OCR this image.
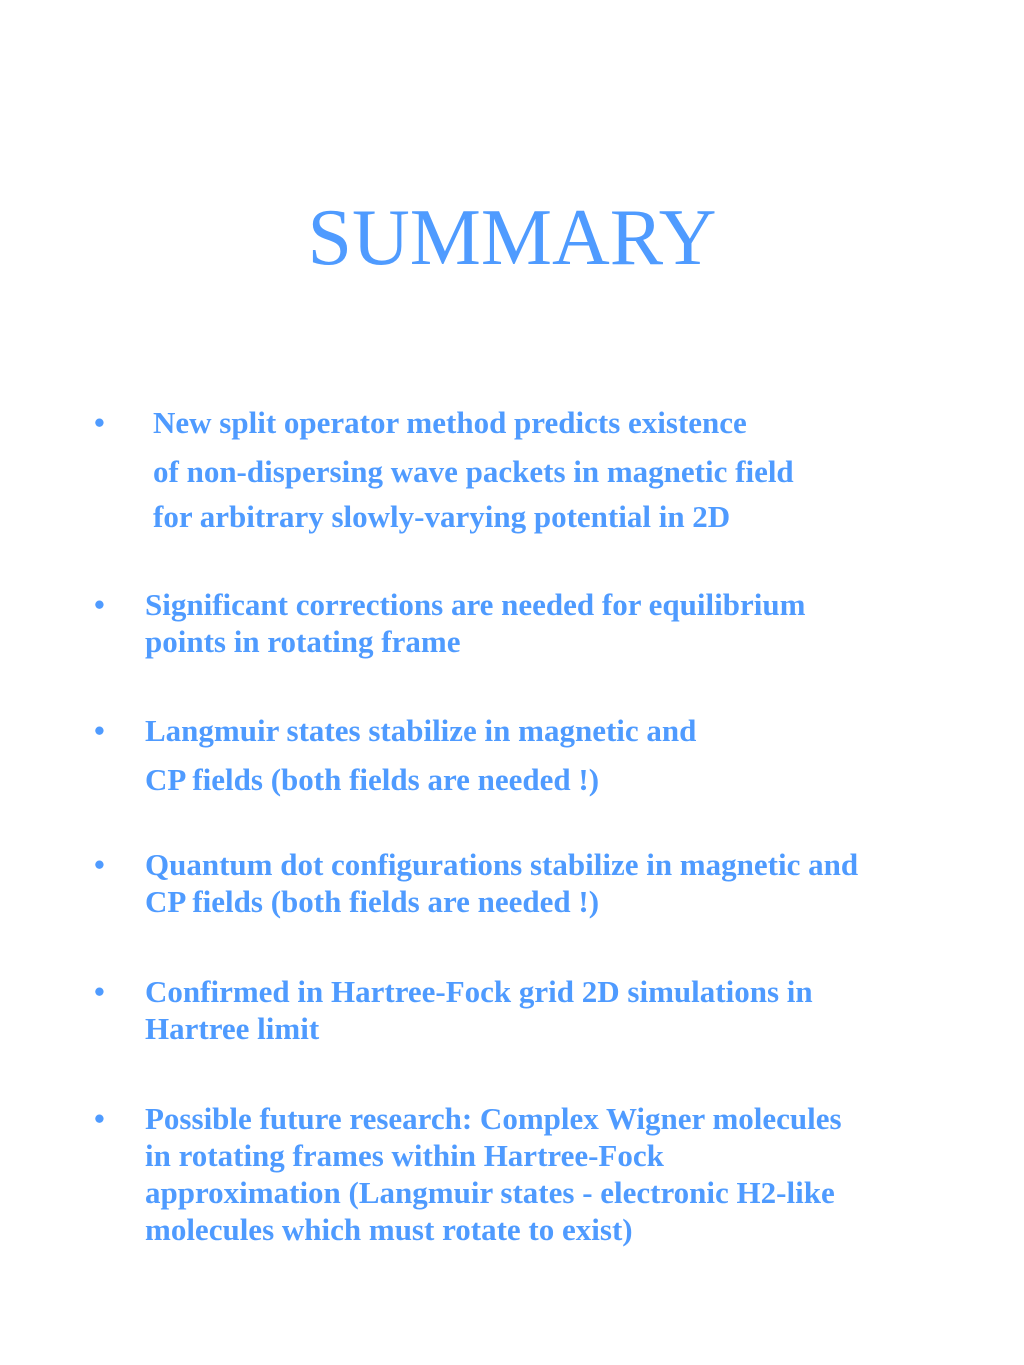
SUMMARY
• New split operator method predicts existence
of non-dispersing wave packets in magnetic field
for arbitrary slowly-varying potential in 2D
• Significant corrections are needed for equilibrium
points in rotating frame
• Langmuir states stabilize in magnetic and
CP fields (both fields are needed !)
• Quantum dot configurations stabilize in magnetic and
CP fields (both fields are needed !)
• Confirmed in Hartree-Fock grid 2D simulations in
Hartree limit
• Possible future research: Complex Wigner molecules
in rotating frames within Hartree-Fock
approximation (Langmuir states - electronic H2-like
molecules which must rotate to exist)
